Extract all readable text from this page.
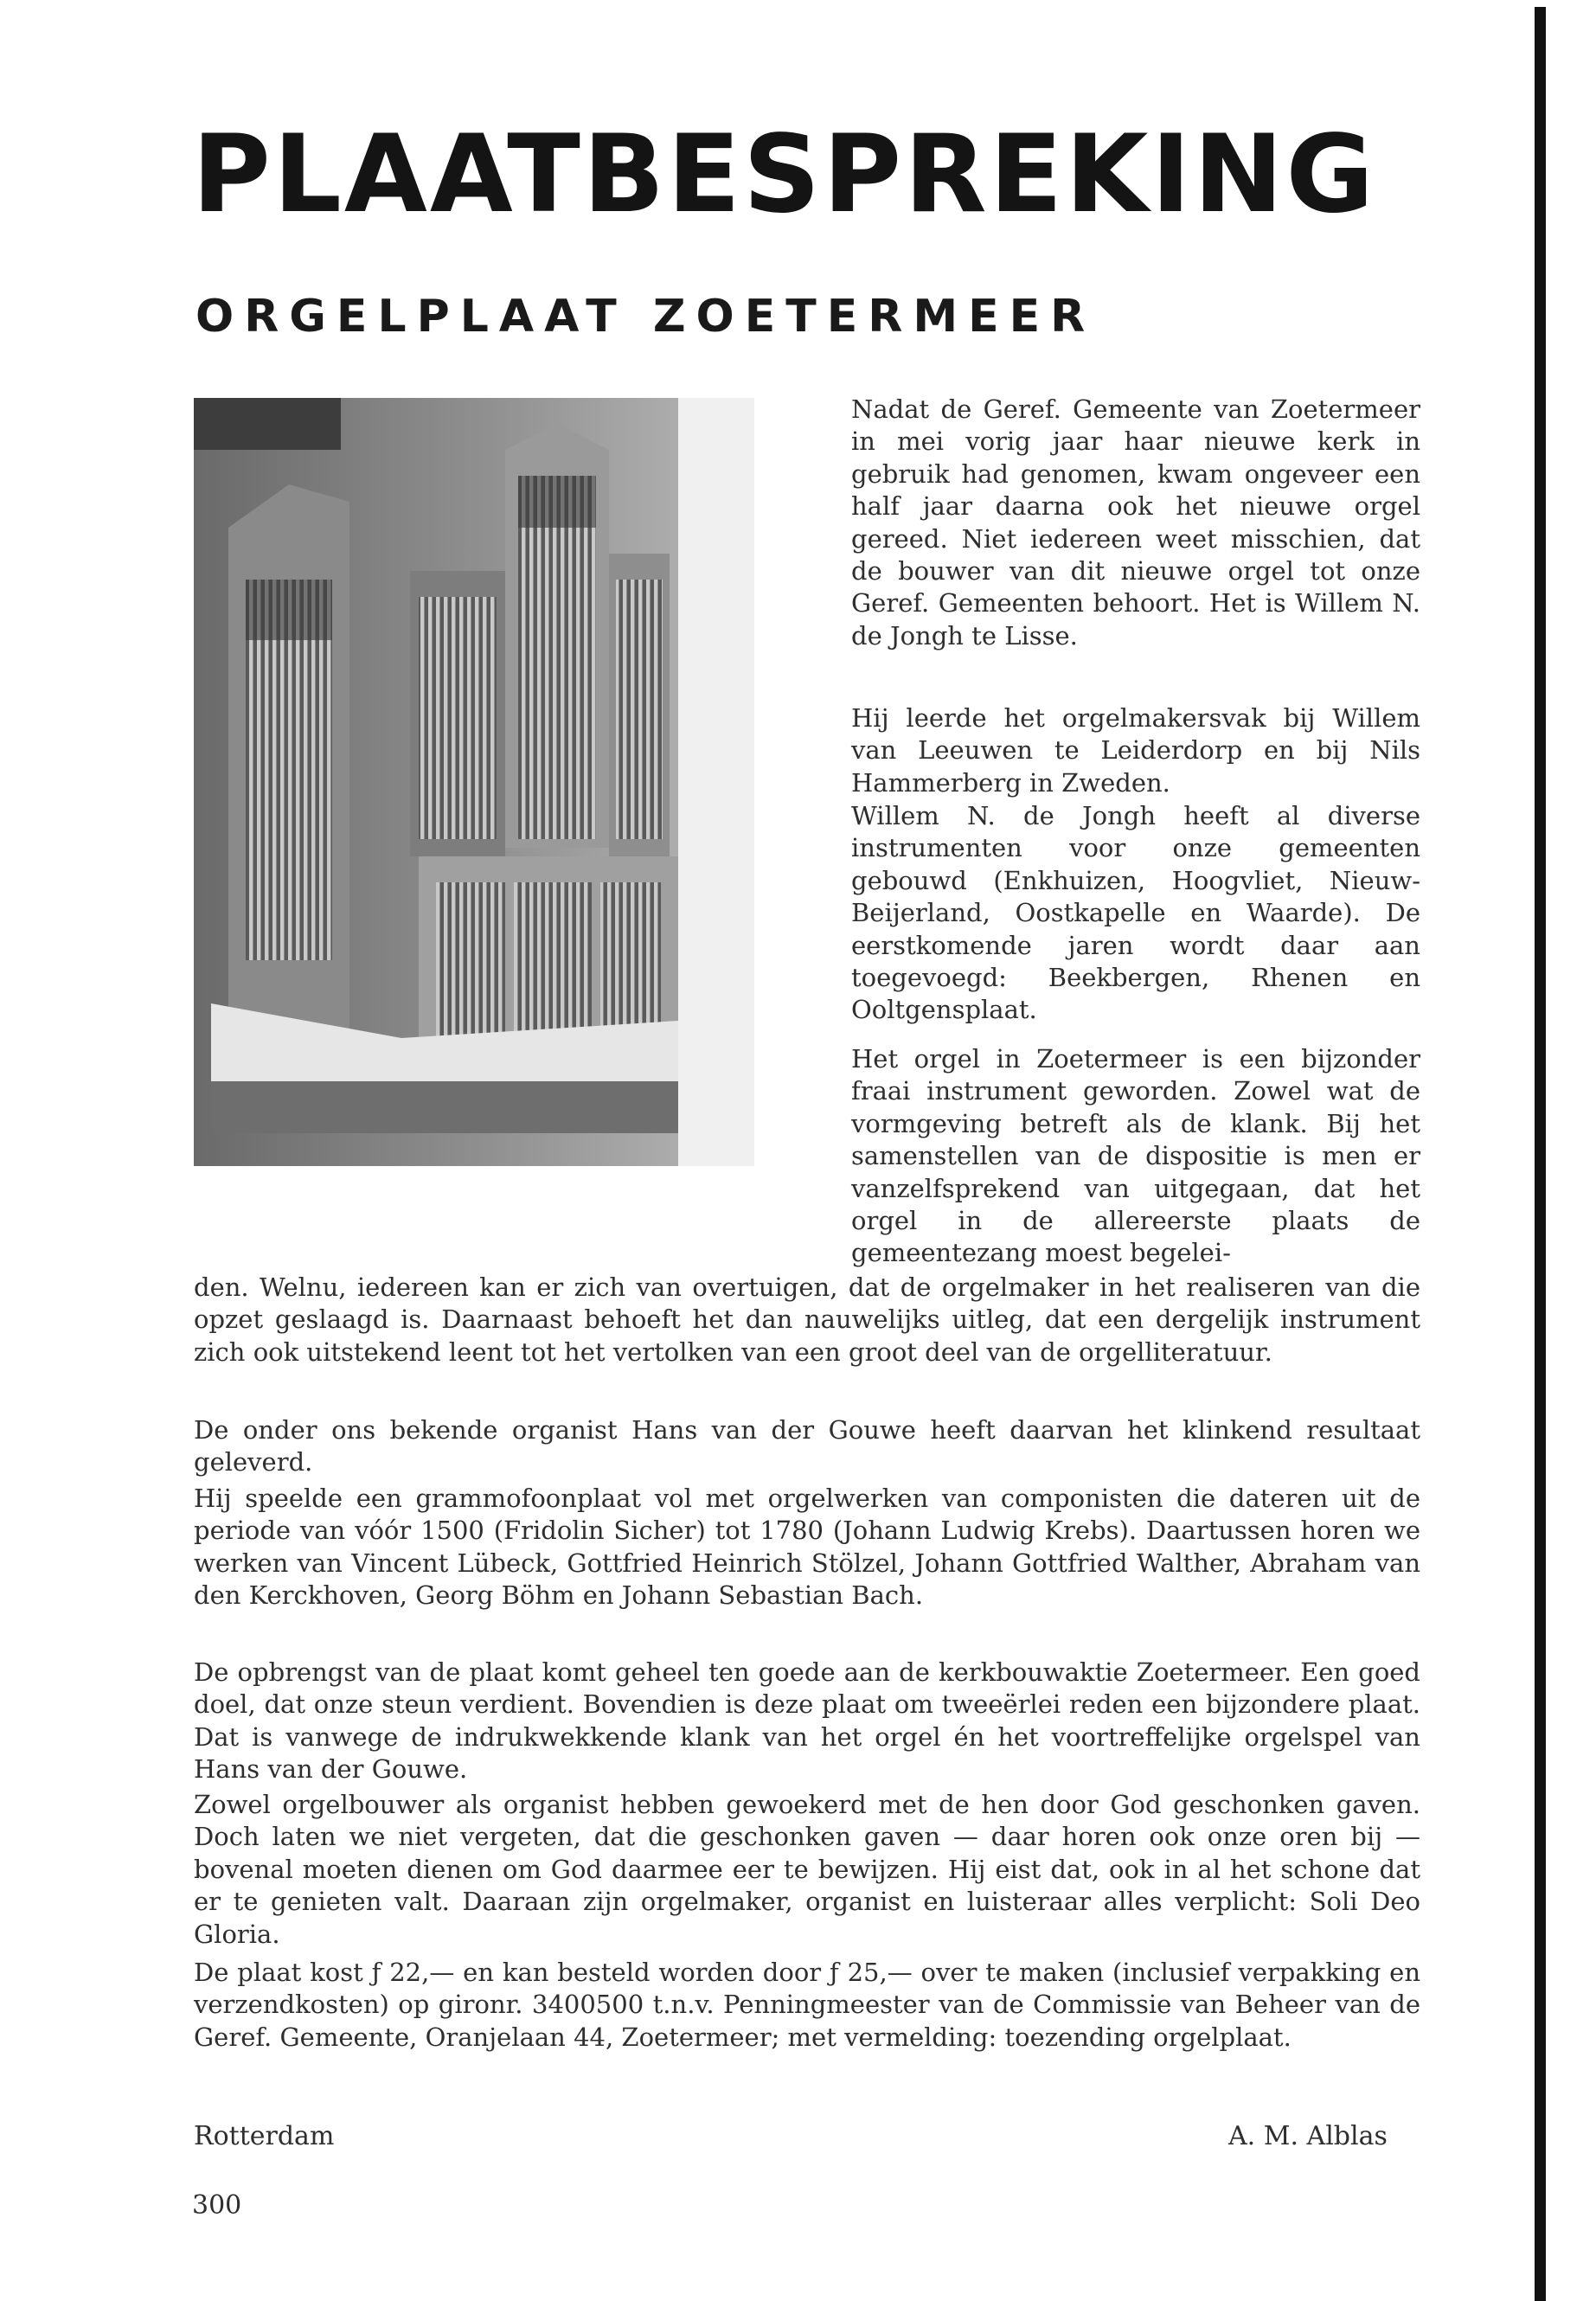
PLAATBESPREKING
ORGELPLAAT ZOETERMEER

Nadat de Geref. Gemeente van Zoetermeer in mei vorig jaar haar nieuwe kerk in gebruik had genomen, kwam ongeveer een half jaar daarna ook het nieuwe orgel gereed. Niet iedereen weet misschien, dat de bouwer van dit nieuwe orgel tot onze Geref. Gemeenten behoort. Het is Willem N. de Jongh te Lisse.

Hij leerde het orgelmakersvak bij Willem van Leeuwen te Leiderdorp en bij Nils Hammerberg in Zweden.

Willem N. de Jongh heeft al diverse instrumenten voor onze gemeenten gebouwd (Enkhuizen, Hoogvliet, Nieuw-Beijerland, Oostkapelle en Waarde). De eerstkomende jaren wordt daar aan toegevoegd: Beekbergen, Rhenen en Ooltgensplaat.

Het orgel in Zoetermeer is een bijzonder fraai instrument geworden. Zowel wat de vormgeving betreft als de klank. Bij het samenstellen van de dispositie is men er vanzelfsprekend van uitgegaan, dat het orgel in de allereerste plaats de gemeentezang moest begelei-

den. Welnu, iedereen kan er zich van overtuigen, dat de orgelmaker in het realiseren van die opzet geslaagd is. Daarnaast behoeft het dan nauwelijks uitleg, dat een dergelijk instrument zich ook uitstekend leent tot het vertolken van een groot deel van de orgelliteratuur.

De onder ons bekende organist Hans van der Gouwe heeft daarvan het klinkend resultaat geleverd.

Hij speelde een grammofoonplaat vol met orgelwerken van componisten die dateren uit de periode van vóór 1500 (Fridolin Sicher) tot 1780 (Johann Ludwig Krebs). Daartussen horen we werken van Vincent Lübeck, Gottfried Heinrich Stölzel, Johann Gottfried Walther, Abraham van den Kerckhoven, Georg Böhm en Johann Sebastian Bach.

De opbrengst van de plaat komt geheel ten goede aan de kerkbouwaktie Zoetermeer. Een goed doel, dat onze steun verdient. Bovendien is deze plaat om tweeërlei reden een bijzondere plaat. Dat is vanwege de indrukwekkende klank van het orgel én het voortreffelijke orgelspel van Hans van der Gouwe.

Zowel orgelbouwer als organist hebben gewoekerd met de hen door God geschonken gaven. Doch laten we niet vergeten, dat die geschonken gaven — daar horen ook onze oren bij — bovenal moeten dienen om God daarmee eer te bewijzen. Hij eist dat, ook in al het schone dat er te genieten valt. Daaraan zijn orgelmaker, organist en luisteraar alles verplicht: Soli Deo Gloria.

De plaat kost ƒ 22,— en kan besteld worden door ƒ 25,— over te maken (inclusief verpakking en verzendkosten) op gironr. 3400500 t.n.v. Penningmeester van de Commissie van Beheer van de Geref. Gemeente, Oranjelaan 44, Zoetermeer; met vermelding: toezending orgelplaat.

Rotterdam	A. M. Alblas
300
